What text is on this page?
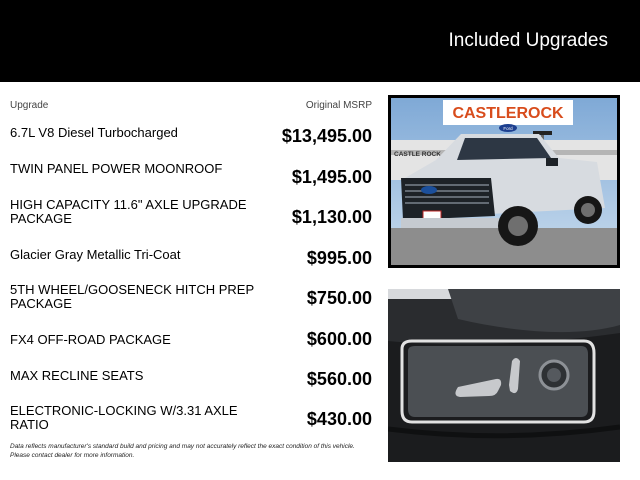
Included Upgrades
Upgrade	Original MSRP
6.7L V8 Diesel Turbocharged	$13,495.00
TWIN PANEL POWER MOONROOF	$1,495.00
HIGH CAPACITY 11.6" AXLE UPGRADE PACKAGE	$1,130.00
Glacier Gray Metallic Tri-Coat	$995.00
5TH WHEEL/GOOSENECK HITCH PREP PACKAGE	$750.00
FX4 OFF-ROAD PACKAGE	$600.00
MAX RECLINE SEATS	$560.00
ELECTRONIC-LOCKING W/3.31 AXLE RATIO	$430.00
Data reflects manufacturer's standard build and pricing and may not accurately reflect the exact condition of this vehicle.
Please contact dealer for more information.
CASTLE ROCK
CASTLEROCK
Ford
